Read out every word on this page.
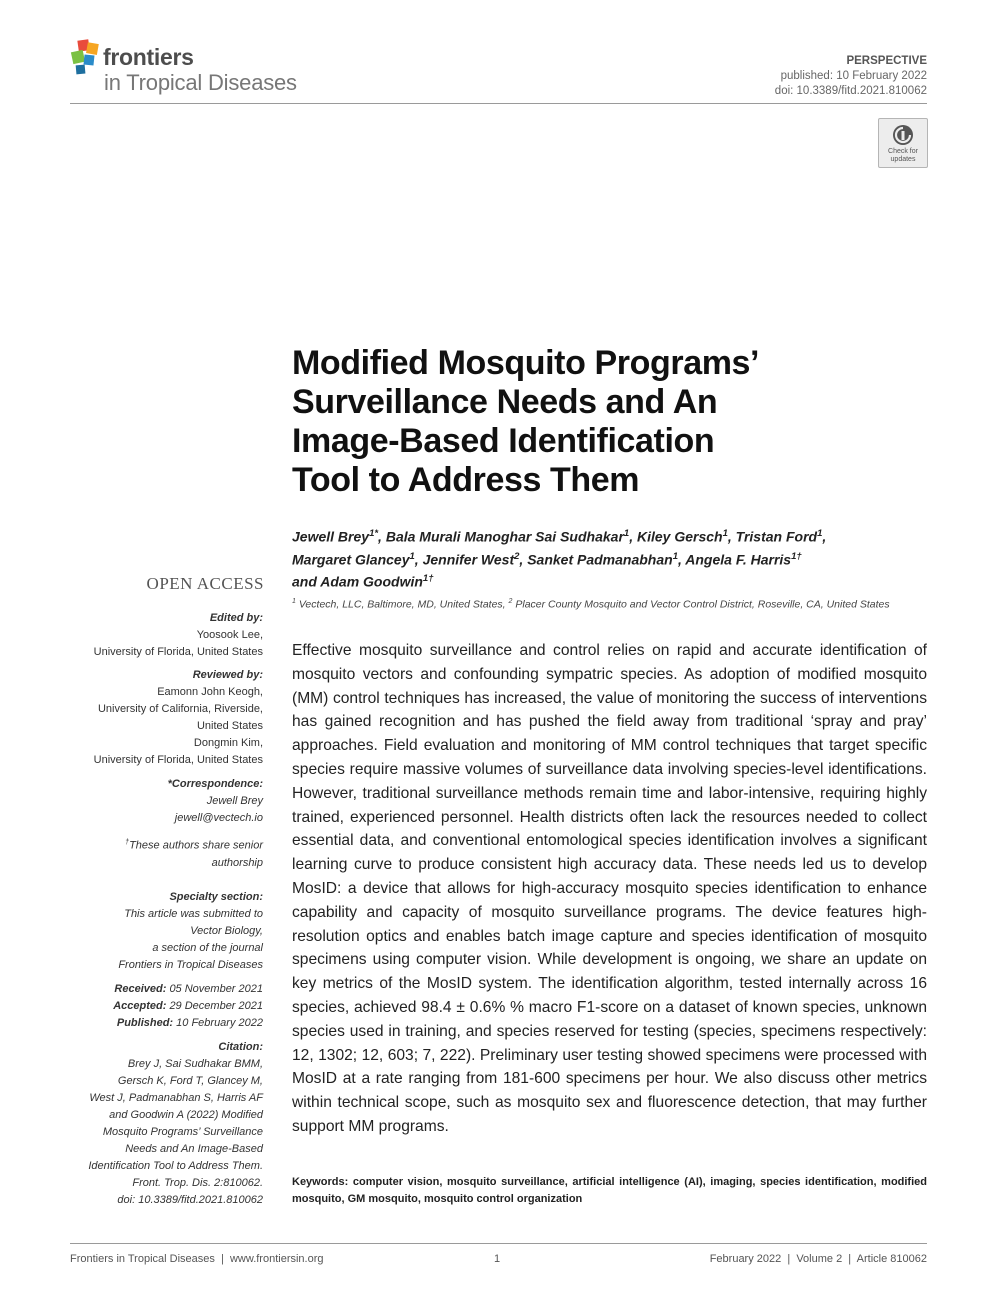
frontiers
in Tropical Diseases
PERSPECTIVE
published: 10 February 2022
doi: 10.3389/fitd.2021.810062
Check for
updates
Modified Mosquito Programs’
Surveillance Needs and An
Image-Based Identification
Tool to Address Them
Jewell Brey$^{1*}$, Bala Murali Manoghar Sai Sudhakar$^1$, Kiley Gersch$^1$, Tristan Ford$^1$,
Margaret Glancey$^1$, Jennifer West$^2$, Sanket Padmanabhan$^1$, Angela F. Harris$^{1\dagger}$
and Adam Goodwin$^{1\dagger}$
$^1$ Vectech, LLC, Baltimore, MD, United States, $^2$ Placer County Mosquito and Vector Control District, Roseville, CA, United States
OPEN ACCESS
Edited by:
Yoosook Lee,
University of Florida, United States
Reviewed by:
Eamonn John Keogh,
University of California, Riverside,
United States
Dongmin Kim,
University of Florida, United States
*Correspondence:
Jewell Brey
jewell@vectech.io
†These authors share senior
authorship
Specialty section:
This article was submitted to
Vector Biology,
a section of the journal
Frontiers in Tropical Diseases
Received: 05 November 2021
Accepted: 29 December 2021
Published: 10 February 2022
Citation:
Brey J, Sai Sudhakar BMM,
Gersch K, Ford T, Glancey M,
West J, Padmanabhan S, Harris AF
and Goodwin A (2022) Modified
Mosquito Programs’ Surveillance
Needs and An Image-Based
Identification Tool to Address Them.
Front. Trop. Dis. 2:810062.
doi: 10.3389/fitd.2021.810062
Effective mosquito surveillance and control relies on rapid and accurate identification of mosquito vectors and confounding sympatric species. As adoption of modified mosquito (MM) control techniques has increased, the value of monitoring the success of interventions has gained recognition and has pushed the field away from traditional ‘spray and pray’ approaches. Field evaluation and monitoring of MM control techniques that target specific species require massive volumes of surveillance data involving species-level identifications. However, traditional surveillance methods remain time and labor-intensive, requiring highly trained, experienced personnel. Health districts often lack the resources needed to collect essential data, and conventional entomological species identification involves a significant learning curve to produce consistent high accuracy data. These needs led us to develop MosID: a device that allows for high-accuracy mosquito species identification to enhance capability and capacity of mosquito surveillance programs. The device features high-resolution optics and enables batch image capture and species identification of mosquito specimens using computer vision. While development is ongoing, we share an update on key metrics of the MosID system. The identification algorithm, tested internally across 16 species, achieved 98.4 ± 0.6% % macro F1-score on a dataset of known species, unknown species used in training, and species reserved for testing (species, specimens respectively: 12, 1302; 12, 603; 7, 222). Preliminary user testing showed specimens were processed with MosID at a rate ranging from 181-600 specimens per hour. We also discuss other metrics within technical scope, such as mosquito sex and fluorescence detection, that may further support MM programs.
Keywords: computer vision, mosquito surveillance, artificial intelligence (AI), imaging, species identification, modified mosquito, GM mosquito, mosquito control organization
Frontiers in Tropical Diseases  |  www.frontiersin.org	1	February 2022  |  Volume 2  |  Article 810062
